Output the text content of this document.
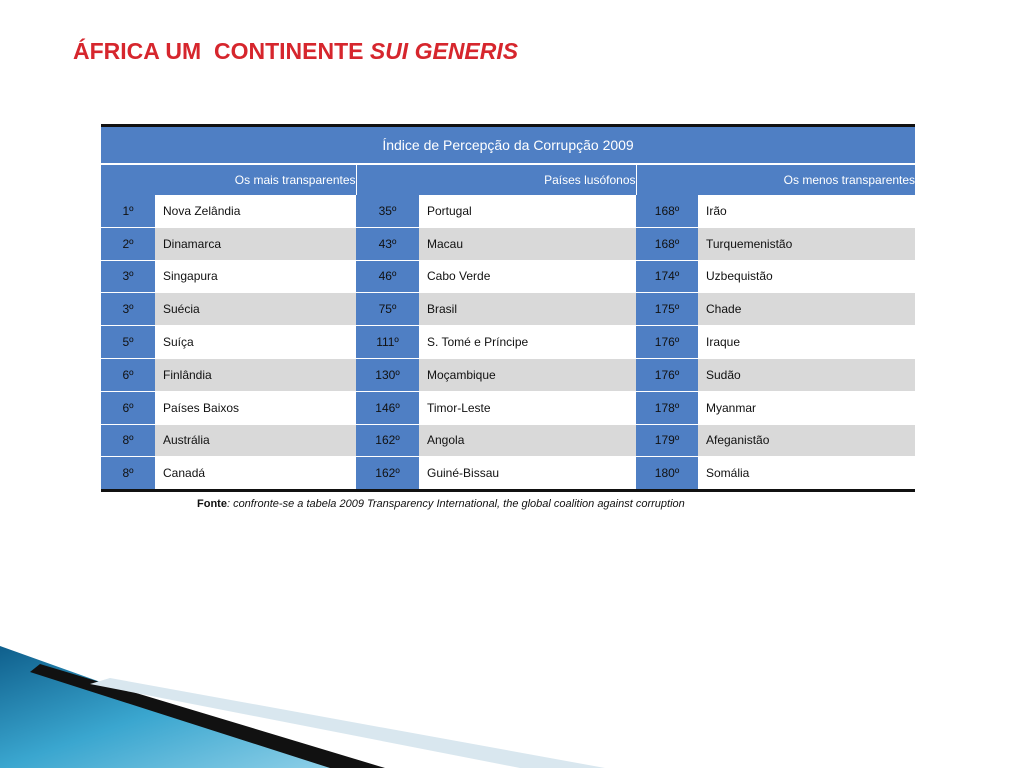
ÁFRICA UM  CONTINENTE SUI GENERIS
Índice de Percepção da Corrupção 2009					
Os mais transparentes		Países lusófonos		Os menos transparentes	
1º	Nova Zelândia	35º	Portugal	168º	Irão
2º	Dinamarca	43º	Macau	168º	Turquemenistão
3º	Singapura	46º	Cabo Verde	174º	Uzbequistão
3º	Suécia	75º	Brasil	175º	Chade
5º	Suíça	111º	S. Tomé e Príncipe	176º	Iraque
6º	Finlândia	130º	Moçambique	176º	Sudão
6º	Países Baixos	146º	Timor-Leste	178º	Myanmar
8º	Austrália	162º	Angola	179º	Afeganistão
8º	Canadá	162º	Guiné-Bissau	180º	Somália
Fonte: confronte-se a tabela 2009 Transparency International, the global coalition against corruption
